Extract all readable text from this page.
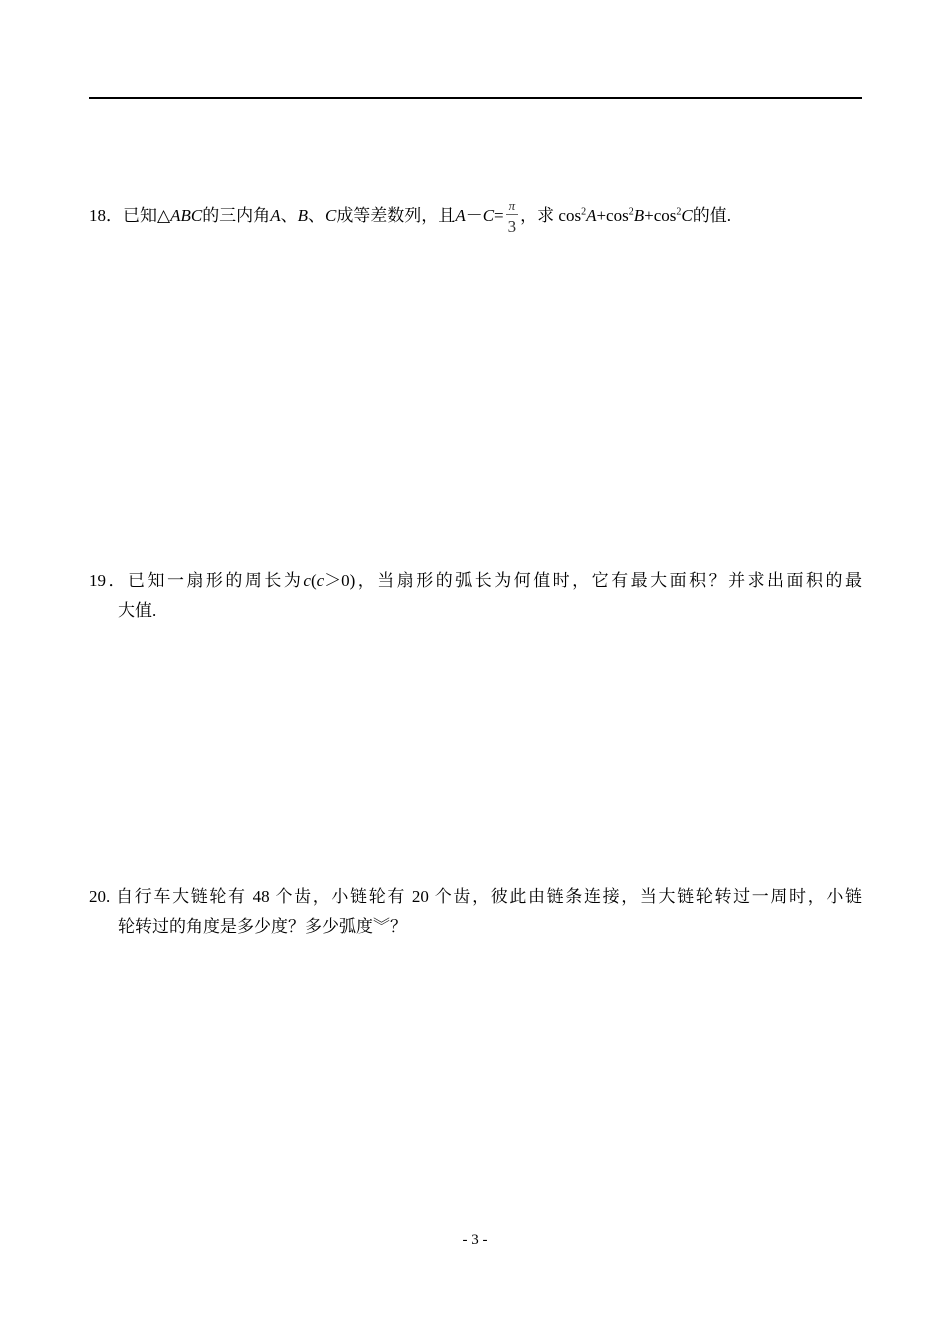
18．已知△ABC的三内角A、B、C成等差数列，且$A-C= \frac{\pi}{3}$ ，求 $\cos^2A+\cos^2B+\cos^2C$的值.
19．已知一扇形的周长为c(c＞0)，当扇形的弧长为何值时，它有最大面积？并求出面积的最
大值.
20. 自行车大链轮有 48 个齿，小链轮有 20 个齿，彼此由链条连接，当大链轮转过一周时，小链
轮转过的角度是多少度？多少弧度︾？
- 3 -
